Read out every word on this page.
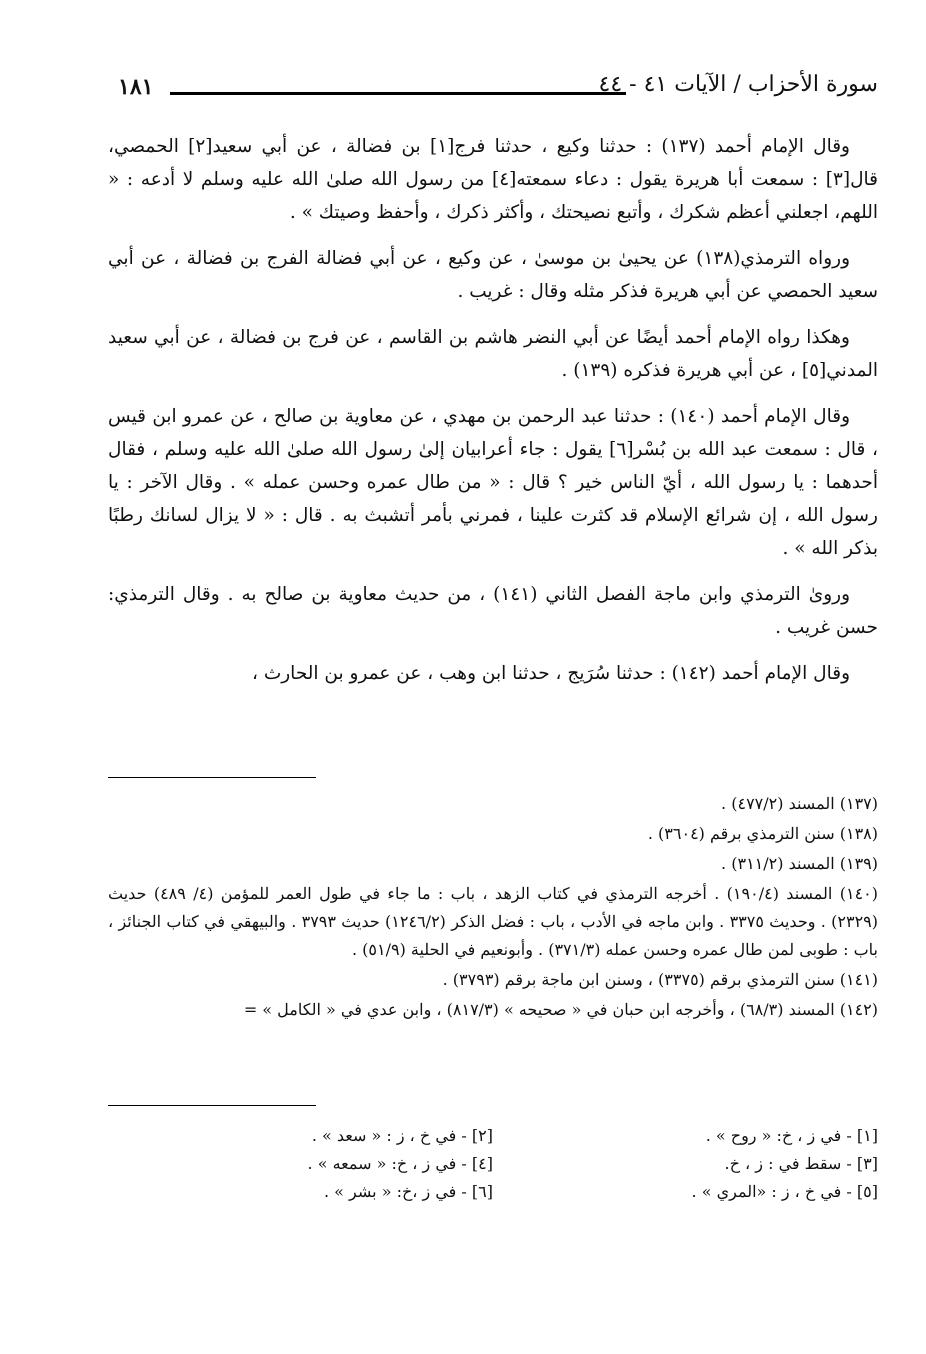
١٨١	سورة الأحزاب / الآيات ٤١ - ٤٤

وقال الإمام أحمد (١٣٧) : حدثنا وكيع ، حدثنا فرج[١] بن فضالة ، عن أبي سعيد[٢] الحمصي، قال[٣] : سمعت أبا هريرة يقول : دعاء سمعته[٤] من رسول الله صلىٰ الله عليه وسلم لا أدعه : « اللهم، اجعلني أعظم شكرك ، وأتبع نصيحتك ، وأكثر ذكرك ، وأحفظ وصيتك » .

ورواه الترمذي(١٣٨) عن يحيىٰ بن موسىٰ ، عن وكيع ، عن أبي فضالة الفرج بن فضالة ، عن أبي سعيد الحمصي عن أبي هريرة فذكر مثله وقال : غريب .

وهكذا رواه الإمام أحمد أيضًا عن أبي النضر هاشم بن القاسم ، عن فرج بن فضالة ، عن أبي سعيد المدني[٥] ، عن أبي هريرة فذكره (١٣٩) .

وقال الإمام أحمد (١٤٠) : حدثنا عبد الرحمن بن مهدي ، عن معاوية بن صالح ، عن عمرو ابن قيس ، قال : سمعت عبد الله بن بُسْر[٦] يقول : جاء أعرابيان إلىٰ رسول الله صلىٰ الله عليه وسلم ، فقال أحدهما : يا رسول الله ، أيّ الناس خير ؟ قال : « من طال عمره وحسن عمله » . وقال الآخر : يا رسول الله ، إن شرائع الإسلام قد كثرت علينا ، فمرني بأمر أتشبث به . قال : « لا يزال لسانك رطبًا بذكر الله » .

وروىٰ الترمذي وابن ماجة الفصل الثاني (١٤١) ، من حديث معاوية بن صالح به . وقال الترمذي: حسن غريب .

وقال الإمام أحمد (١٤٢) : حدثنا سُرَيج ، حدثنا ابن وهب ، عن عمرو بن الحارث ،

(١٣٧) المسند (٤٧٧/٢) .

(١٣٨) سنن الترمذي برقم (٣٦٠٤) .

(١٣٩) المسند (٣١١/٢) .

(١٤٠) المسند (١٩٠/٤) . أخرجه الترمذي في كتاب الزهد ، باب : ما جاء في طول العمر للمؤمن (٤/ ٤٨٩) حديث (٢٣٢٩) . وحديث ٣٣٧٥ . وابن ماجه في الأدب ، باب : فضل الذكر (١٢٤٦/٢) حديث ٣٧٩٣ . والبيهقي في كتاب الجنائز ، باب : طوبى لمن طال عمره وحسن عمله (٣٧١/٣) . وأبونعيم في الحلية (٥١/٩) .

(١٤١) سنن الترمذي برقم (٣٣٧٥) ، وسنن ابن ماجة برقم (٣٧٩٣) .

(١٤٢) المسند (٦٨/٣) ، وأخرجه ابن حبان في « صحيحه » (٨١٧/٣) ، وابن عدي في « الكامل » =

[١] - في ز ، خ: « روح » .
[٢] - في خ ، ز : « سعد » .
[٣] - سقط في : ز ، خ.
[٤] - في ز ، خ: « سمعه » .
[٥] - في خ ، ز : «المري » .
[٦] - في ز ،خ: « بشر » .
